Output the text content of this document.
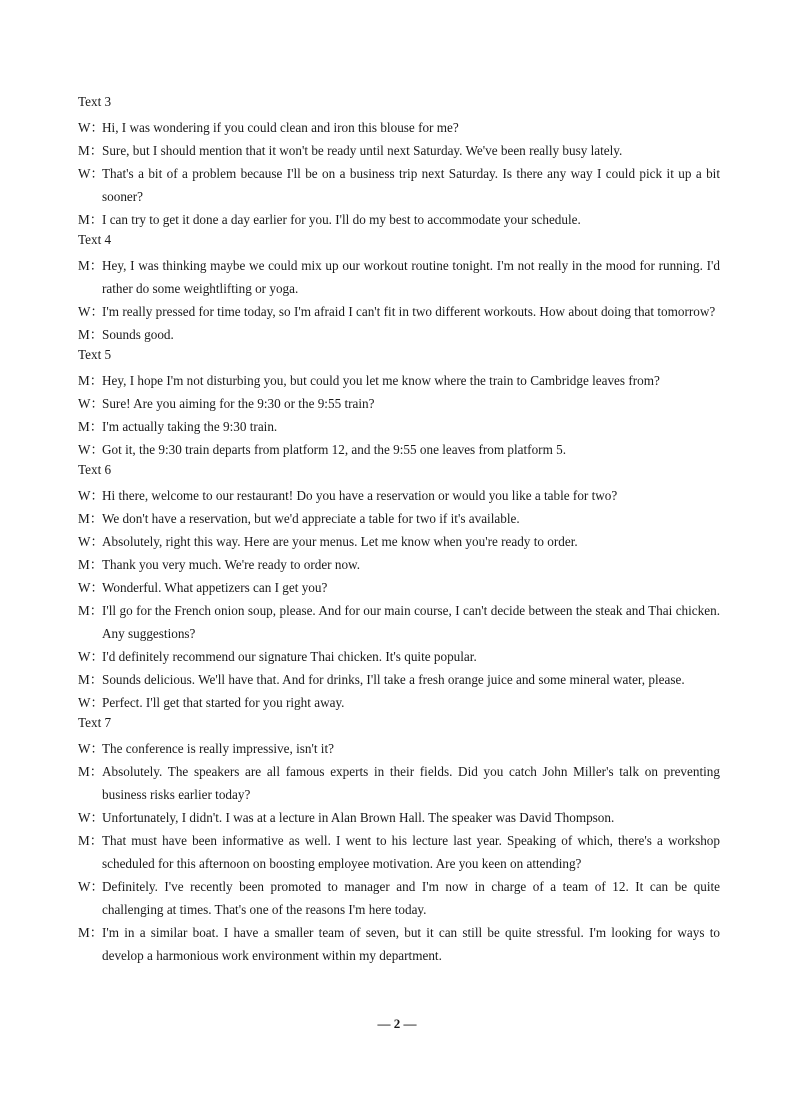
Text 3
W：
Hi, I was wondering if you could clean and iron this blouse for me?
M： Sure, but I should mention that it won't be ready until next Saturday. We've been really busy lately.
W：
That's a bit of a problem because I'll be on a business trip next Saturday. Is there any way I could pick it up a bit sooner?
M： I can try to get it done a day earlier for you. I'll do my best to accommodate your schedule.
Text 4
M： Hey, I was thinking maybe we could mix up our workout routine tonight. I'm not really in the mood for running. I'd rather do some weightlifting or yoga.
W：
I'm really pressed for time today, so I'm afraid I can't fit in two different workouts. How about doing that tomorrow?
M： Sounds good.
Text 5
M： Hey, I hope I'm not disturbing you, but could you let me know where the train to Cambridge leaves from?
W：
Sure! Are you aiming for the 9:30 or the 9:55 train?
M： I'm actually taking the 9:30 train.
W：
Got it, the 9:30 train departs from platform 12, and the 9:55 one leaves from platform 5.
Text 6
W：
Hi there, welcome to our restaurant! Do you have a reservation or would you like a table for two?
M： We don't have a reservation, but we'd appreciate a table for two if it's available.
W：
Absolutely, right this way. Here are your menus. Let me know when you're ready to order.
M： Thank you very much. We're ready to order now.
W：
Wonderful. What appetizers can I get you?
M： I'll go for the French onion soup, please. And for our main course, I can't decide between the steak and Thai chicken. Any suggestions?
W：
I'd definitely recommend our signature Thai chicken. It's quite popular.
M： Sounds delicious. We'll have that. And for drinks, I'll take a fresh orange juice and some mineral water, please.
W：
Perfect. I'll get that started for you right away.
Text 7
W：
The conference is really impressive, isn't it?
M： Absolutely. The speakers are all famous experts in their fields. Did you catch John Miller's talk on preventing business risks earlier today?
W：
Unfortunately, I didn't. I was at a lecture in Alan Brown Hall. The speaker was David Thompson.
M： That must have been informative as well. I went to his lecture last year. Speaking of which, there's a workshop scheduled for this afternoon on boosting employee motivation. Are you keen on attending?
W：
Definitely. I've recently been promoted to manager and I'm now in charge of a team of 12. It can be quite challenging at times. That's one of the reasons I'm here today.
M： I'm in a similar boat. I have a smaller team of seven, but it can still be quite stressful. I'm looking for ways to develop a harmonious work environment within my department.
— 2 —
